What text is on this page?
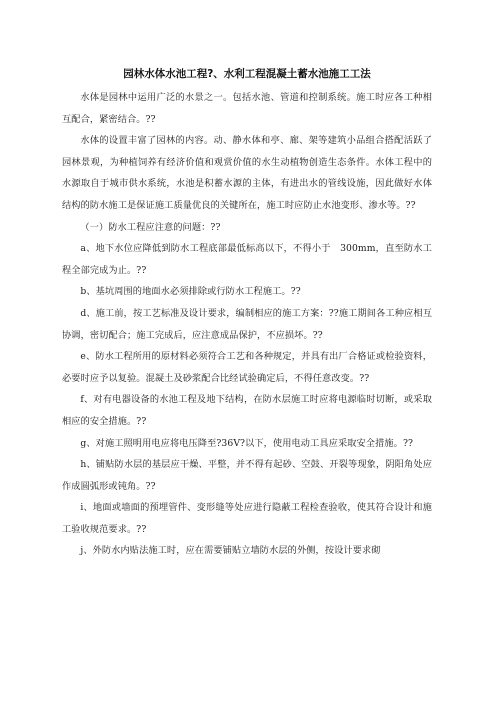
园林水体水池工程?、水利工程混凝土蓄水池施工工法

水体是园林中运用广泛的水景之一。包括水池、管道和控制系统。施工时应各工种相互配合，紧密结合。??

水体的设置丰富了园林的内容。动、静水体和亭、廊、架等建筑小品组合搭配活跃了园林景观，为种植饲养有经济价值和观赏价值的水生动植物创造生态条件。水体工程中的水源取自于城市供水系统，水池是积蓄水源的主体，有进出水的管线设施，因此做好水体结构的防水施工是保证施工质量优良的关键所在，施工时应防止水池变形、渗水等。??

（一）防水工程应注意的问题：??

a、地下水位应降低到防水工程底部最低标高以下，不得小于　300mm，直至防水工程全部完成为止。??

b、基坑周围的地面水必须排除或行防水工程施工。??

d、施工前，按工艺标准及设计要求，编制相应的施工方案：??施工期间各工种应相互协调，密切配合；施工完成后，应注意成品保护，不应损坏。??

e、防水工程所用的原材料必须符合工艺和各种规定，并具有出厂合格证或检验资料，必要时应予以复验。混凝土及砂浆配合比经试验确定后，不得任意改变。??

f、对有电器设备的水池工程及地下结构，在防水层施工时应将电源临时切断，或采取相应的安全措施。??

g、对施工照明用电应将电压降至?36V?以下，使用电动工具应采取安全措施。??

h、铺贴防水层的基层应干燥、平整，并不得有起砂、空鼓、开裂等现象，阴阳角处应作成圆弧形或钝角。??

i、地面或墙面的预埋管件、变形缝等处应进行隐蔽工程检查验收，使其符合设计和施工验收规范要求。??

j、外防水内贴法施工时，应在需要铺贴立墙防水层的外侧，按设计要求砌
